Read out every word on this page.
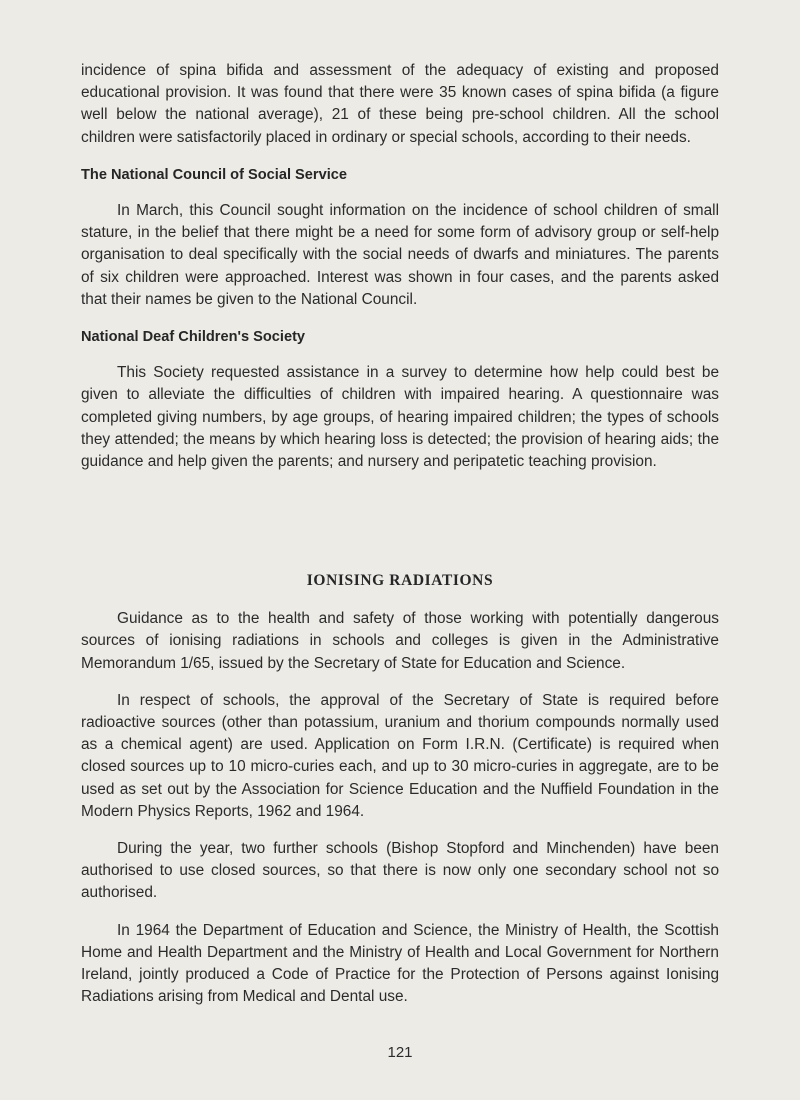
incidence of spina bifida and assessment of the adequacy of existing and proposed educational provision. It was found that there were 35 known cases of spina bifida (a figure well below the national average), 21 of these being pre-school children. All the school children were satisfactorily placed in ordinary or special schools, according to their needs.

The National Council of Social Service

In March, this Council sought information on the incidence of school children of small stature, in the belief that there might be a need for some form of advisory group or self-help organisation to deal specifically with the social needs of dwarfs and miniatures. The parents of six children were approached. Interest was shown in four cases, and the parents asked that their names be given to the National Council.

National Deaf Children's Society

This Society requested assistance in a survey to determine how help could best be given to alleviate the difficulties of children with impaired hearing. A questionnaire was completed giving numbers, by age groups, of hearing impaired children; the types of schools they attended; the means by which hearing loss is detected; the provision of hearing aids; the guidance and help given the parents; and nursery and peripatetic teaching provision.

IONISING RADIATIONS

Guidance as to the health and safety of those working with potentially dangerous sources of ionising radiations in schools and colleges is given in the Administrative Memorandum 1/65, issued by the Secretary of State for Education and Science.

In respect of schools, the approval of the Secretary of State is required before radioactive sources (other than potassium, uranium and thorium compounds normally used as a chemical agent) are used. Application on Form I.R.N. (Certificate) is required when closed sources up to 10 micro-curies each, and up to 30 micro-curies in aggregate, are to be used as set out by the Association for Science Education and the Nuffield Foundation in the Modern Physics Reports, 1962 and 1964.

During the year, two further schools (Bishop Stopford and Minchenden) have been authorised to use closed sources, so that there is now only one secondary school not so authorised.

In 1964 the Department of Education and Science, the Ministry of Health, the Scottish Home and Health Department and the Ministry of Health and Local Government for Northern Ireland, jointly produced a Code of Practice for the Protection of Persons against Ionising Radiations arising from Medical and Dental use.

121
